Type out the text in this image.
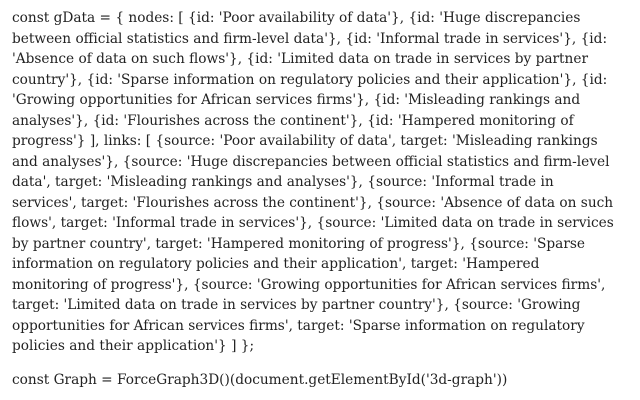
const gData = { nodes: [ {id: 'Poor availability of data'}, {id: 'Huge discrepancies
between official statistics and firm-level data'}, {id: 'Informal trade in services'}, {id:
'Absence of data on such flows'}, {id: 'Limited data on trade in services by partner
country'}, {id: 'Sparse information on regulatory policies and their application'}, {id:
'Growing opportunities for African services firms'}, {id: 'Misleading rankings and
analyses'}, {id: 'Flourishes across the continent'}, {id: 'Hampered monitoring of
progress'} ], links: [ {source: 'Poor availability of data', target: 'Misleading rankings
and analyses'}, {source: 'Huge discrepancies between official statistics and firm-level
data', target: 'Misleading rankings and analyses'}, {source: 'Informal trade in
services', target: 'Flourishes across the continent'}, {source: 'Absence of data on such
flows', target: 'Informal trade in services'}, {source: 'Limited data on trade in services
by partner country', target: 'Hampered monitoring of progress'}, {source: 'Sparse
information on regulatory policies and their application', target: 'Hampered
monitoring of progress'}, {source: 'Growing opportunities for African services firms',
target: 'Limited data on trade in services by partner country'}, {source: 'Growing
opportunities for African services firms', target: 'Sparse information on regulatory
policies and their application'} ] };
const Graph = ForceGraph3D()(document.getElementById('3d-graph'))
